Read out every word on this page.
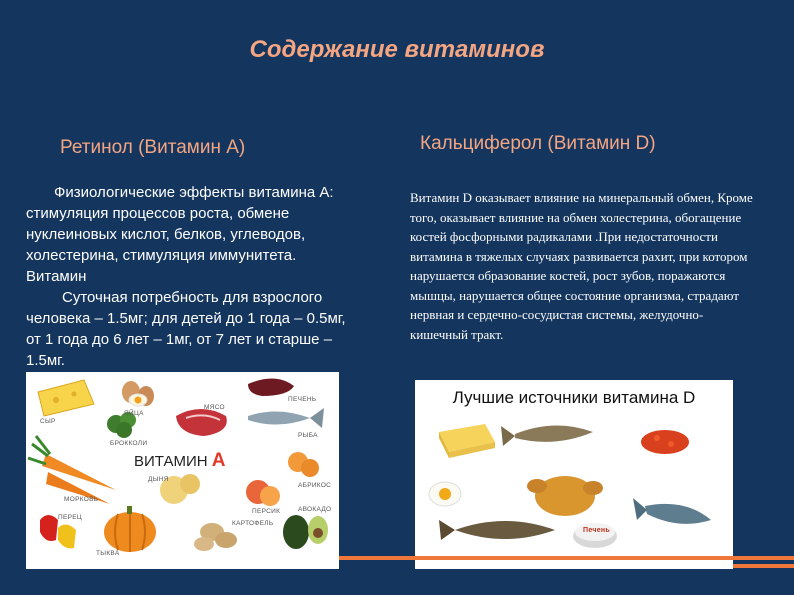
Содержание витаминов
Ретинол (Витамин А)	Кальциферол (Витамин D)
Физиологические эффекты витамина А: стимуляция процессов роста, обмене нуклеиновых кислот, белков, углеводов, холестерина, стимуляция иммунитета. Витамин
Суточная потребность для взрослого человека – 1.5мг; для детей до 1 года – 0.5мг, от 1 года до 6 лет – 1мг, от 7 лет и старше – 1.5мг.
Витамин D оказывает влияние на минеральный обмен, Кроме того, оказывает влияние на обмен холестерина, обогащение костей фосфорными радикалами .При недостаточности витамина в тяжелых случаях развивается рахит, при котором нарушается образование костей, рост зубов, поражаются мышцы, нарушается общее состояние организма, страдают нервная и сердечно-сосудистая системы, желудочно-кишечный тракт.
СЫР
ЯЙЦА
МЯСО
ПЕЧЕНЬ
БРОККОЛИ
РЫБА
МОРКОВЬ
ДЫНЯ
АБРИКОС
ПЕРСИК	АВОКАДО
ПЕРЕЦ
ТЫКВА
КАРТОФЕЛЬ
ВИТАМИН А
Лучшие источники витамина D
Печень
